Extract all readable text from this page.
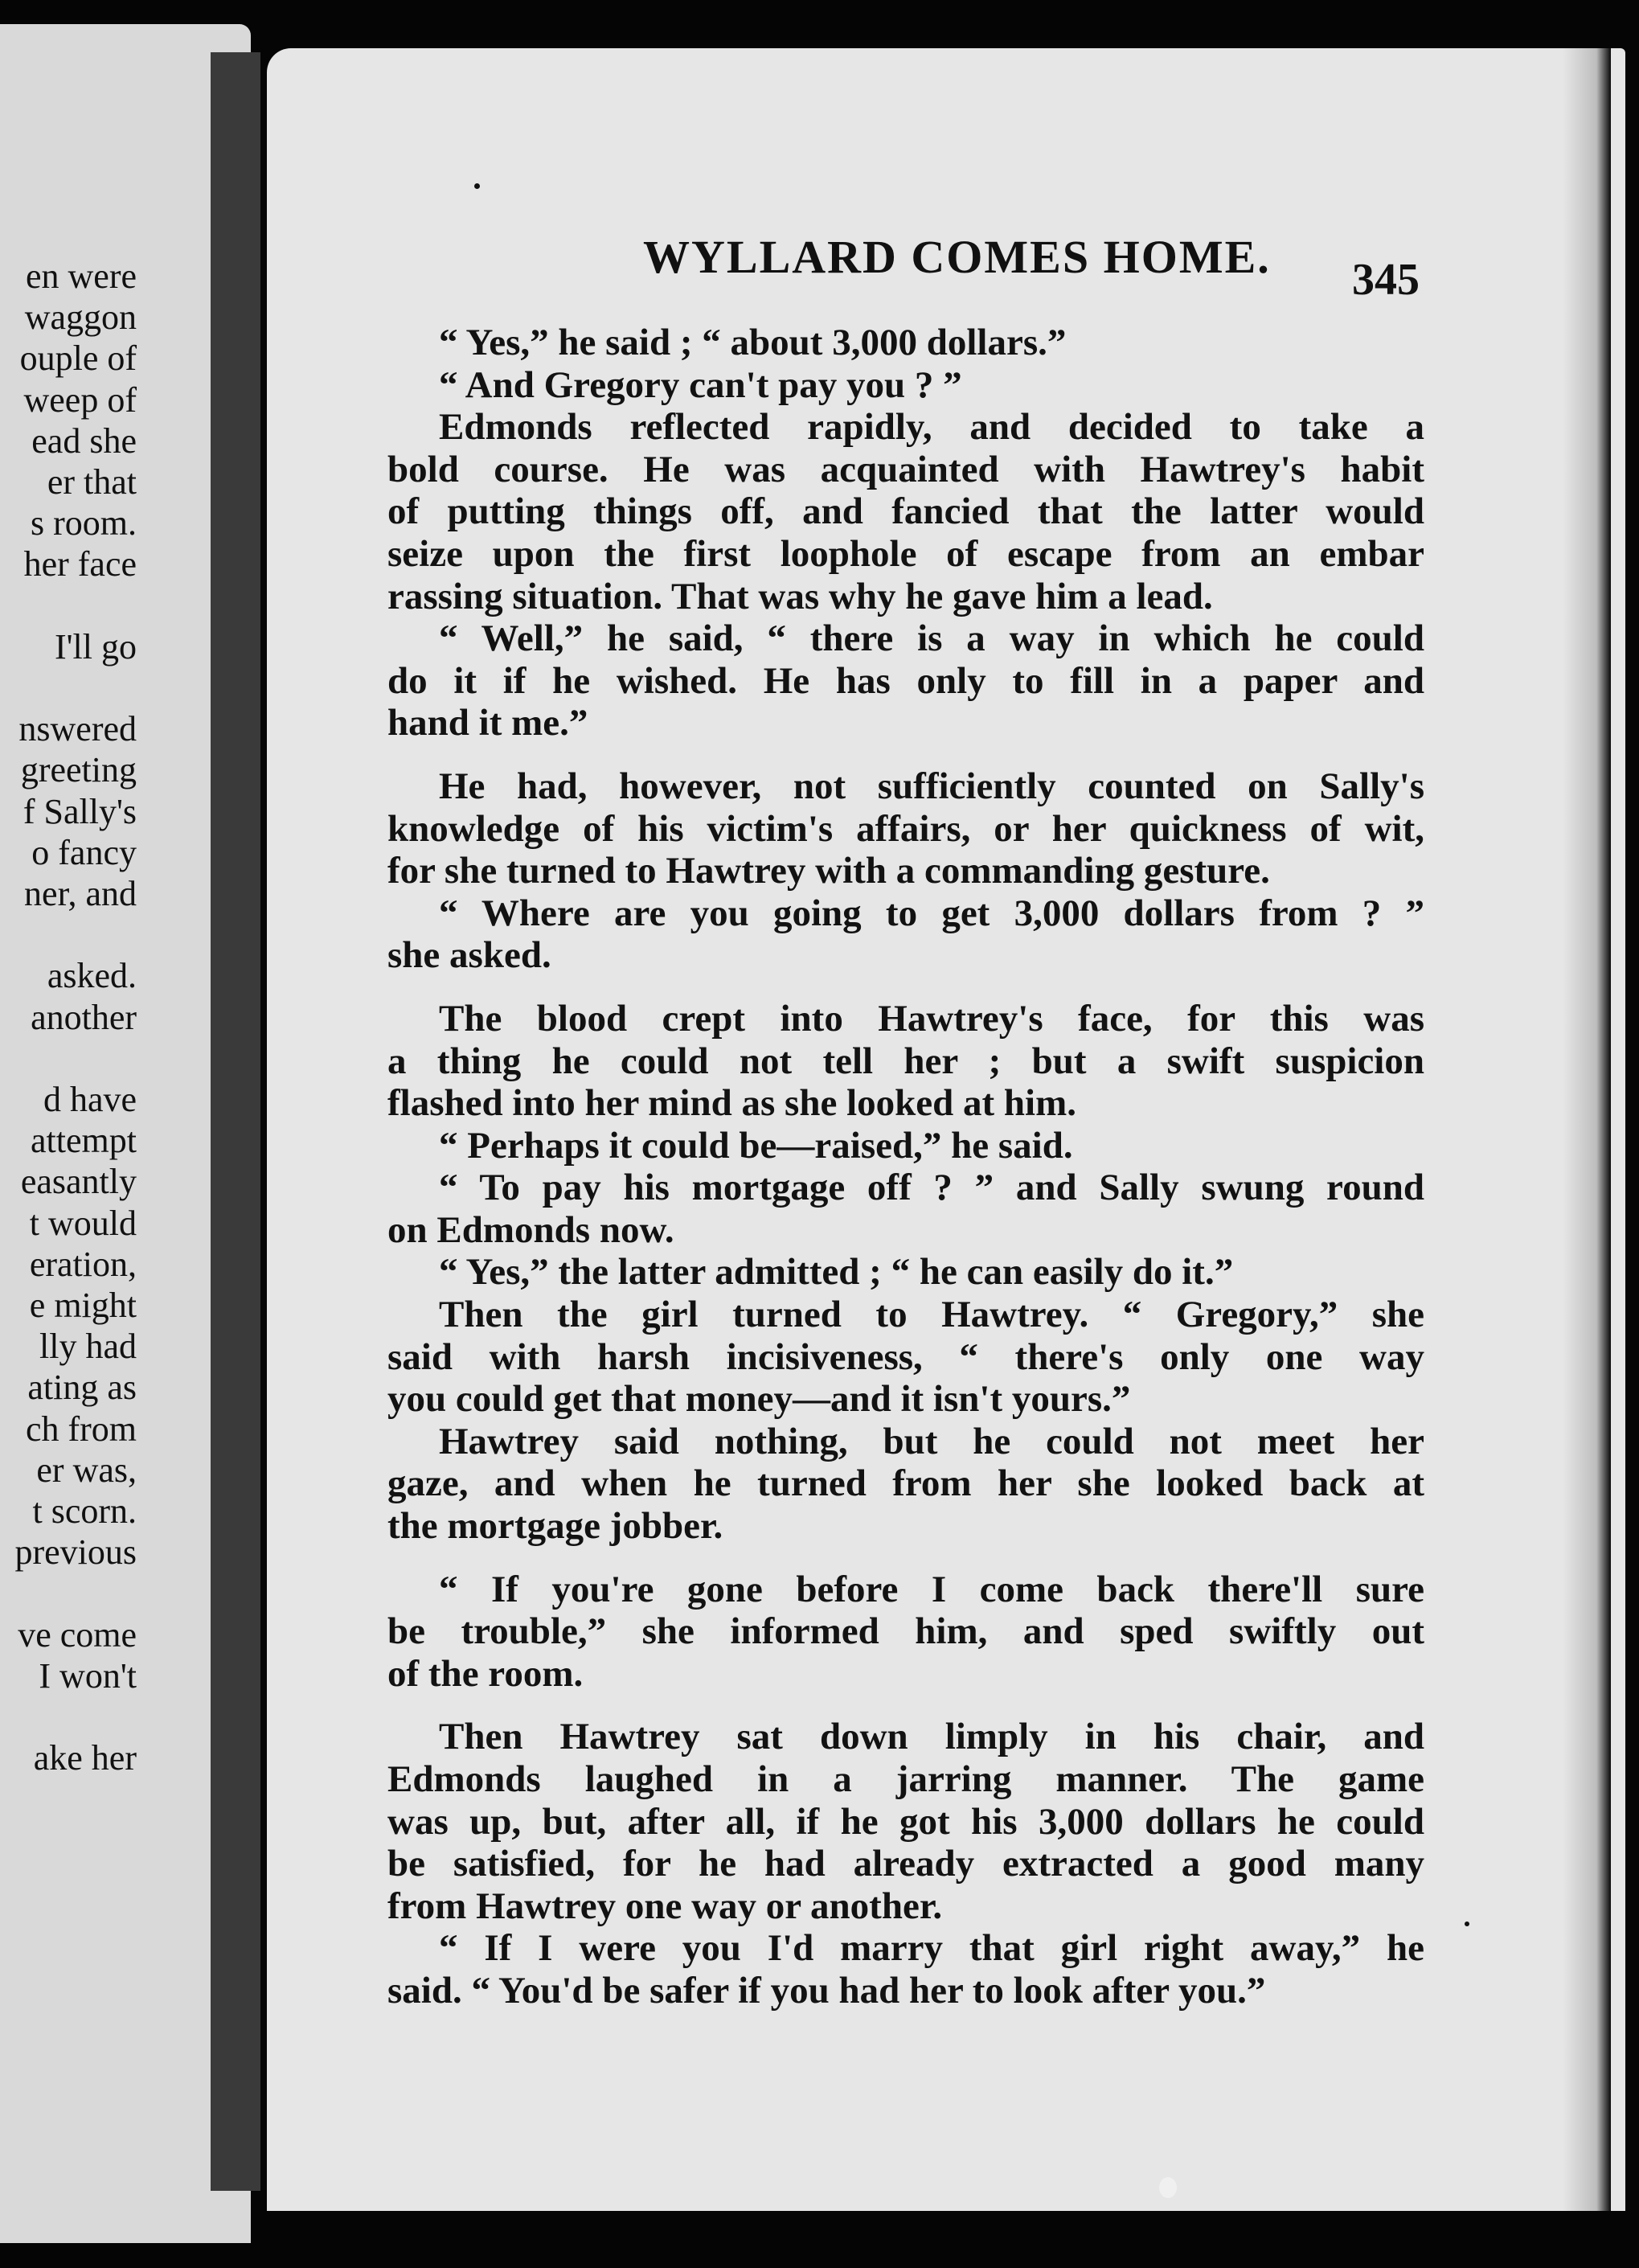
en were
waggon
ouple of
weep of
ead she
er that
s room.
her face
I'll go
nswered
greeting
f Sally's
o fancy
ner, and
asked.
another
d have
attempt
easantly
t would
eration,
e might
lly had
ating as
ch from
er was,
t scorn.
previous
ve come
I won't
ake her
WYLLARD COMES HOME. 345
“ Yes,” he said ; “ about 3,000 dollars.”
“ And Gregory can't pay you ? ”
Edmonds reflected rapidly, and decided to take a
bold course. He was acquainted with Hawtrey's habit
of putting things off, and fancied that the latter would
seize upon the first loophole of escape from an embar
rassing situation. That was why he gave him a lead.
“ Well,” he said, “ there is a way in which he could
do it if he wished. He has only to fill in a paper and
hand it me.”
He had, however, not sufficiently counted on Sally's
knowledge of his victim's affairs, or her quickness of wit,
for she turned to Hawtrey with a commanding gesture.
“ Where are you going to get 3,000 dollars from ? ”
she asked.
The blood crept into Hawtrey's face, for this was
a thing he could not tell her ; but a swift suspicion
flashed into her mind as she looked at him.
“ Perhaps it could be—raised,” he said.
“ To pay his mortgage off ? ” and Sally swung round
on Edmonds now.
“ Yes,” the latter admitted ; “ he can easily do it.”
Then the girl turned to Hawtrey. “ Gregory,” she
said with harsh incisiveness, “ there's only one way
you could get that money—and it isn't yours.”
Hawtrey said nothing, but he could not meet her
gaze, and when he turned from her she looked back at
the mortgage jobber.
“ If you're gone before I come back there'll sure
be trouble,” she informed him, and sped swiftly out
of the room.
Then Hawtrey sat down limply in his chair, and
Edmonds laughed in a jarring manner. The game
was up, but, after all, if he got his 3,000 dollars he could
be satisfied, for he had already extracted a good many
from Hawtrey one way or another.
“ If I were you I'd marry that girl right away,” he
said. “ You'd be safer if you had her to look after you.”
